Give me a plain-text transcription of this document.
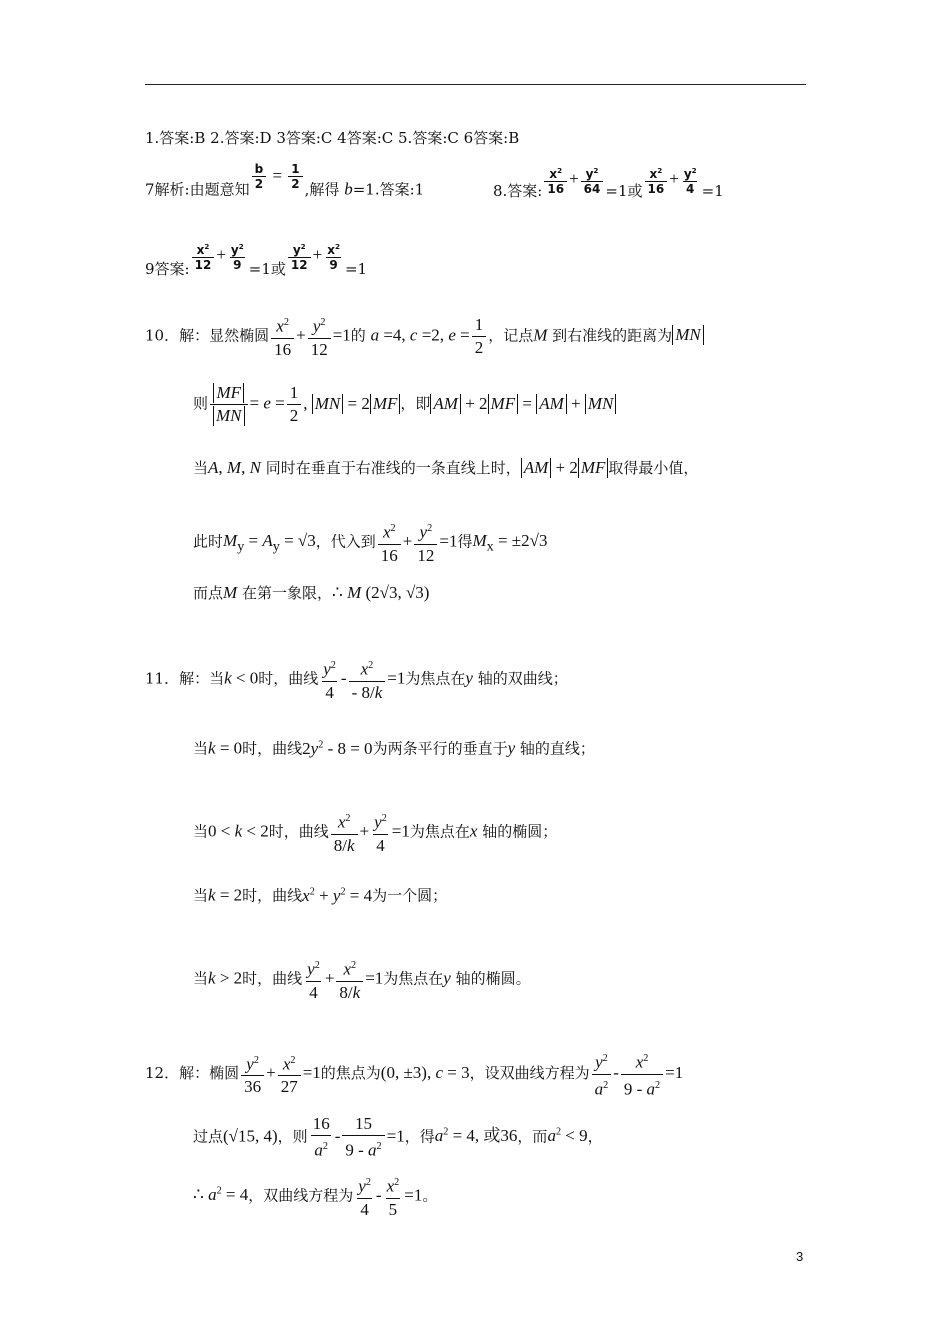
1.答案:B 2.答案:D 3答案:C 4答案:C 5.答案:C 6答案:B
7解析:由题意知 $\frac{b}{2} = \frac{1}{2}$ ,解得 b=1.答案:1	8.答案: $\frac{x^2}{16} + \frac{y^2}{64} =1$或 $\frac{x^2}{16} + \frac{y^2}{4} =1$
9答案: $\frac{x^2}{12} + \frac{y^2}{9} =1$或 $\frac{y^2}{12} + \frac{x^2}{9} =1$
10．解：显然椭圆 $\frac{x^2}{16} + \frac{y^2}{12} =1$的 a =4, c =2, $e = \frac{1}{2}$ ，记点M 到右准线的距离为 MN
则 $\frac{MF}{MN} = e = \frac{1}{2}$ , MN = 2 MF ，即 AM + 2 MF = AM + MN
当A, M, N 同时在垂直于右准线的一条直线上时， AM + 2 MF 取得最小值，
此时$M_y = A_y = √3$，代入到 $\frac{x^2}{16} + \frac{y^2}{12} =1$得$M_x = \pm 2√3$
而点M 在第一象限，∴ M (2√3, √3)
11．解：当k < 0时，曲线 $\frac{y^2}{4} - \frac{x^2}{- 8/k} =1$为焦点在y 轴的双曲线；
当k = 0时，曲线$2y^2 - 8 = 0$为两条平行的垂直于y 轴的直线；
当0 < k < 2时，曲线 $\frac{x^2}{8/k} + \frac{y^2}{4} =1$为焦点在x 轴的椭圆；
当k = 2时，曲线$x^2 + y^2 = 4$为一个圆；
当k > 2时，曲线 $\frac{y^2}{4} + \frac{x^2}{8/k} =1$为焦点在y 轴的椭圆。
12．解：椭圆 $\frac{y^2}{36} + \frac{x^2}{27} =1$的焦点为(0, ±3), c = 3，设双曲线方程为 $\frac{y^2}{a^2} - \frac{x^2}{9 - a^2} =1$
过点(√15, 4)，则 $\frac{16}{a^2} - \frac{15}{9 - a^2} =1$，得$a^2 = 4$, 或36，而$a^2 < 9$，
∴ $a^2 = 4$，双曲线方程为 $\frac{y^2}{4} - \frac{x^2}{5} =1$。
3
